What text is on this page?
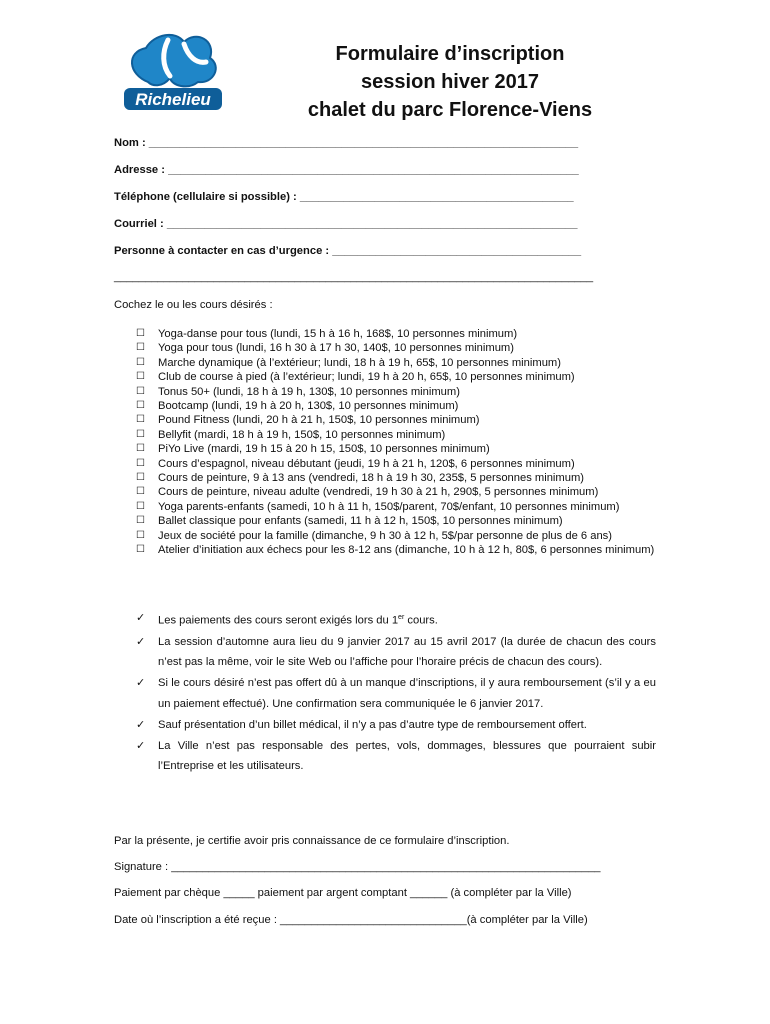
Richelieu
Formulaire d’inscription
session hiver 2017
chalet du parc Florence-Viens
Nom : _____________________________________________________________________
Adresse : __________________________________________________________________
Téléphone (cellulaire si possible) : ____________________________________________
Courriel : __________________________________________________________________
Personne à contacter en cas d’urgence : ________________________________________
_____________________________________________________________________________
Cochez le ou les cours désirés :
☐	Yoga-danse pour tous (lundi, 15 h à 16 h, 168$, 10 personnes minimum)
☐	Yoga pour tous (lundi, 16 h 30 à 17 h 30, 140$, 10 personnes minimum)
☐	Marche dynamique (à l’extérieur; lundi, 18 h à 19 h, 65$, 10 personnes minimum)
☐	Club de course à pied (à l’extérieur; lundi, 19 h à 20 h, 65$, 10 personnes minimum)
☐	Tonus 50+ (lundi, 18 h à 19 h, 130$, 10 personnes minimum)
☐	Bootcamp (lundi, 19 h à 20 h, 130$, 10 personnes minimum)
☐	Pound Fitness (lundi, 20 h à 21 h, 150$, 10 personnes minimum)
☐	Bellyfit (mardi, 18 h à 19 h, 150$, 10 personnes minimum)
☐	PiYo Live (mardi, 19 h 15 à 20 h 15, 150$, 10 personnes minimum)
☐	Cours d’espagnol, niveau débutant (jeudi, 19 h à 21 h, 120$, 6 personnes minimum)
☐	Cours de peinture, 9 à 13 ans (vendredi, 18 h à 19 h 30, 235$, 5 personnes minimum)
☐	Cours de peinture, niveau adulte (vendredi, 19 h 30 à 21 h, 290$, 5 personnes minimum)
☐	Yoga parents-enfants (samedi, 10 h à 11 h, 150$/parent, 70$/enfant, 10 personnes minimum)
☐	Ballet classique pour enfants (samedi, 11 h à 12 h, 150$, 10 personnes minimum)
☐	Jeux de société pour la famille (dimanche, 9 h 30 à 12 h, 5$/par personne de plus de 6 ans)
☐	Atelier d’initiation aux échecs pour les 8-12 ans (dimanche, 10 h à 12 h, 80$, 6 personnes minimum)
✓	Les paiements des cours seront exigés lors du 1er cours.
✓	La session d’automne aura lieu du 9 janvier 2017 au 15 avril 2017 (la durée de chacun des cours n’est pas la même, voir le site Web ou l’affiche pour l’horaire précis de chacun des cours).
✓	Si le cours désiré n’est pas offert dû à un manque d’inscriptions, il y aura remboursement (s’il y a eu un paiement effectué). Une confirmation sera communiquée le 6 janvier 2017.
✓	Sauf présentation d’un billet médical, il n’y a pas d’autre type de remboursement offert.
✓	La Ville n’est pas responsable des pertes, vols, dommages, blessures que pourraient subir l’Entreprise et les utilisateurs.
Par la présente, je certifie avoir pris connaissance de ce formulaire d’inscription.
Signature : _____________________________________________________________________
Paiement par chèque _____ paiement par argent comptant ______ (à compléter par la Ville)
Date où l’inscription a été reçue : ______________________________(à compléter par la Ville)
